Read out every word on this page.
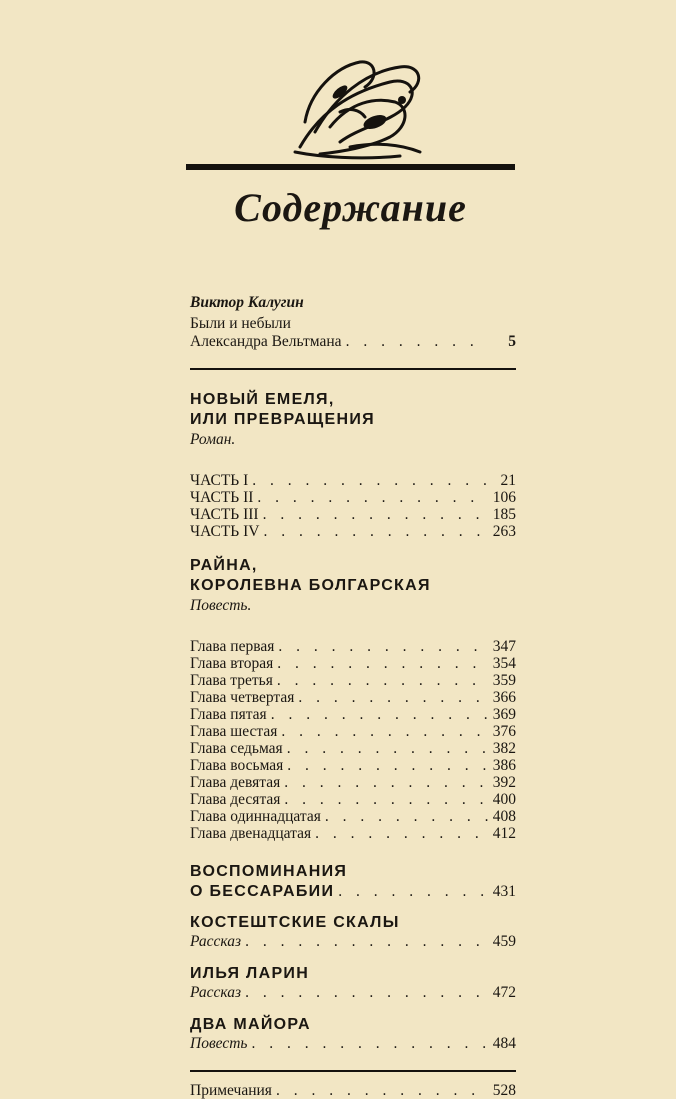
Содержание
Виктор Калугин
Были и небыли
Александра Вельтмана . . .	5
НОВЫЙ ЕМЕЛЯ,
ИЛИ ПРЕВРАЩЕНИЯ
Роман.
ЧАСТЬ I . . .	21
ЧАСТЬ II . . .	106
ЧАСТЬ III . . .	185
ЧАСТЬ IV . . .	263
РАЙНА,
КОРОЛЕВНА БОЛГАРСКАЯ
Повесть.
Глава первая . . .	347
Глава вторая . . .	354
Глава третья . . .	359
Глава четвертая . . .	366
Глава пятая . . .	369
Глава шестая . . .	376
Глава седьмая . . .	382
Глава восьмая . . .	386
Глава девятая . . .	392
Глава десятая . . .	400
Глава одиннадцатая . . .	408
Глава двенадцатая . . .	412
ВОСПОМИНАНИЯ
О БЕССАРАБИИ . . .	431
КОСТЕШТСКИЕ СКАЛЫ
Рассказ . . .	459
ИЛЬЯ ЛАРИН
Рассказ . . .	472
ДВА МАЙОРА
Повесть . . .	484
Примечания . . .	528
